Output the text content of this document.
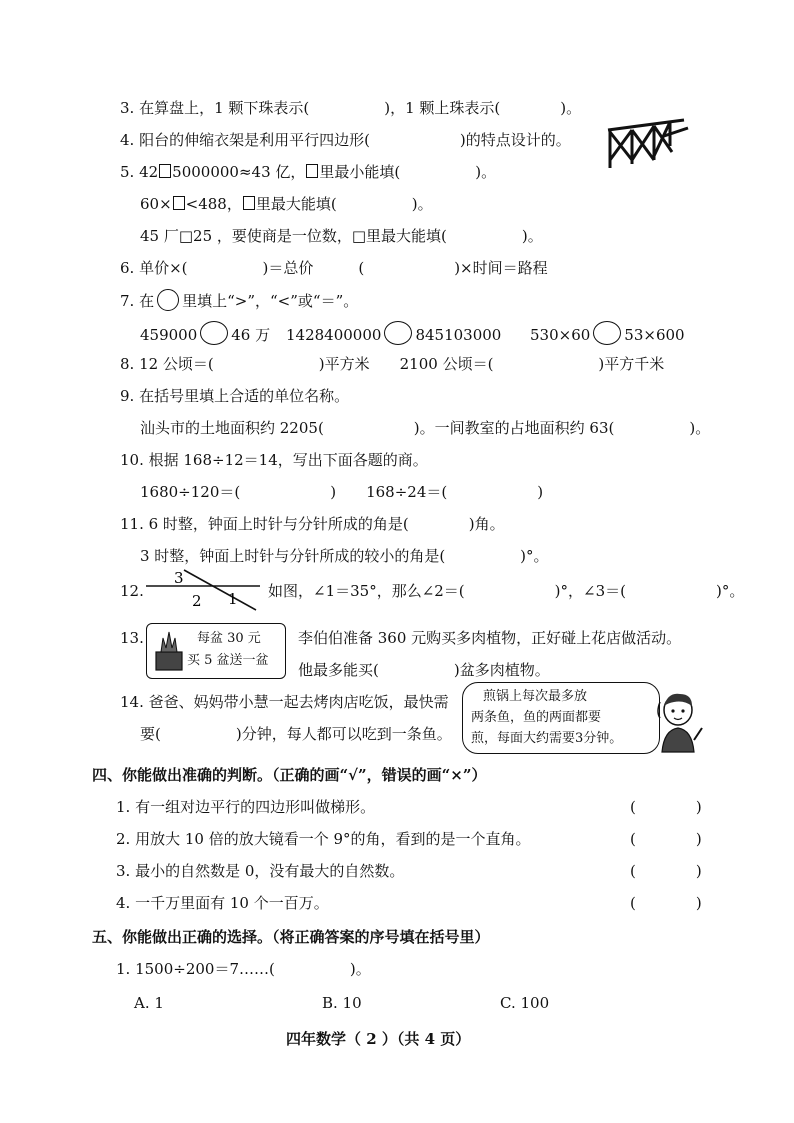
3. 在算盘上，1 颗下珠表示(　　　　　)，1 颗上珠表示(　　　　)。
4. 阳台的伸缩衣架是利用平行四边形(　　　　　　)的特点设计的。
5. 42 5000000≈43 亿， 里最小能填(　　　　　)。
60× <488， 里最大能填(　　　　　)。
45 厂□25 ，要使商是一位数，□里最大能填(　　　　　)。
6. 单价×(　　　　　)＝总价　　　(　　　　　　)×时间＝路程
7. 在 里填上“>”，“<”或“＝”。
459000 46 万 1428400000 845103000 530×60 53×600
8. 12 公顷＝(　　　　　　　)平方米　　2100 公顷＝(　　　　　　　)平方千米
9. 在括号里填上合适的单位名称。
汕头市的土地面积约 2205(　　　　　　)。一间教室的占地面积约 63(　　　　　)。
10. 根据 168÷12＝14，写出下面各题的商。
1680÷120＝(　　　　　　)　　168÷24＝(　　　　　　)
11. 6 时整，钟面上时针与分针所成的角是(　　　　)角。
3 时整，钟面上时针与分针所成的较小的角是(　　　　　)°。
12.
3
2 1 如图，∠1＝35°，那么∠2＝(　　　　　　)°，∠3＝(　　　　　　)°。
13.	每盆 30 元
买 5 盆送一盆
李伯伯准备 360 元购买多肉植物，正好碰上花店做活动。
他最多能买(　　　　　)盆多肉植物。
14. 爸爸、妈妈带小慧一起去烤肉店吃饭，最快需
要(　　　　　)分钟，每人都可以吃到一条鱼。
煎锅上每次最多放
两条鱼，鱼的两面都要
煎，每面大约需要3分钟。
四、你能做出准确的判断。（正确的画“√”，错误的画“×”）
1. 有一组对边平行的四边形叫做梯形。	(　　　　)
2. 用放大 10 倍的放大镜看一个 9°的角，看到的是一个直角。	(　　　　)
3. 最小的自然数是 0，没有最大的自然数。	(　　　　)
4. 一千万里面有 10 个一百万。	(　　　　)
五、你能做出正确的选择。（将正确答案的序号填在括号里）
1. 1500÷200＝7……(　　　　　)。
A. 1	B. 10	C. 100
四年数学（ 2 ）（共 4 页）
